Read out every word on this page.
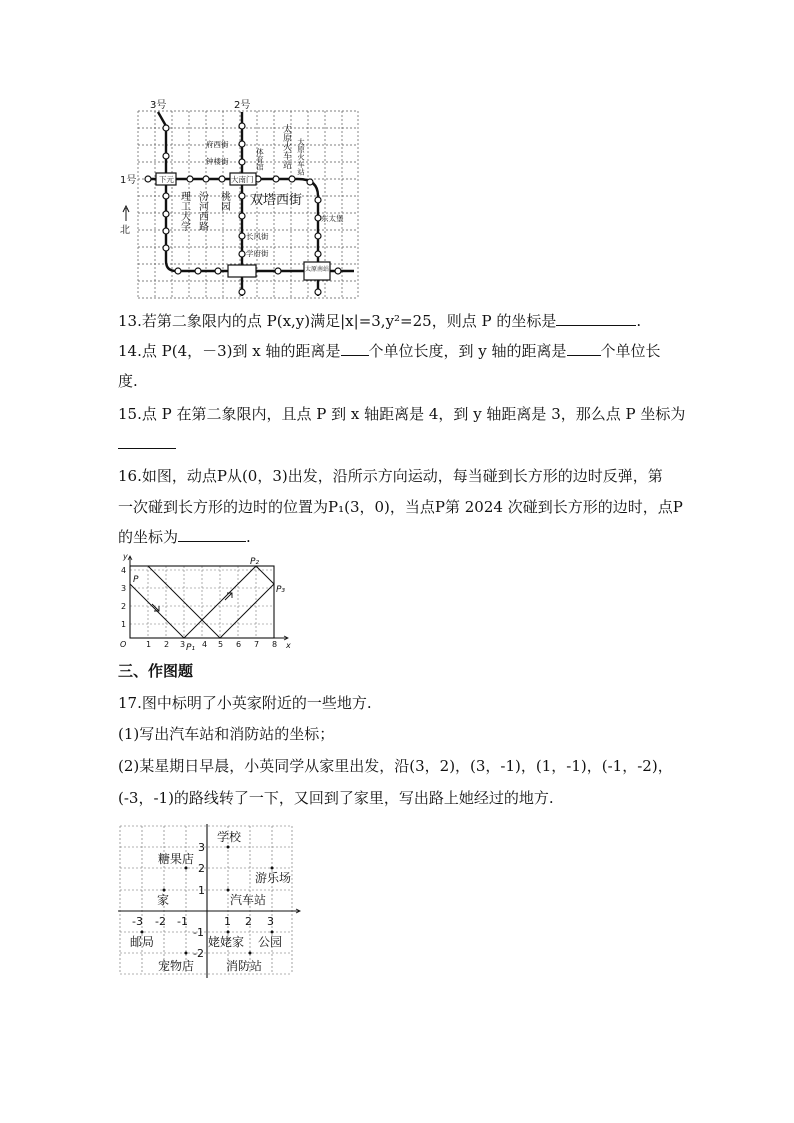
3号	2号
1号
北
府西街
钟楼街
下元	大南门
太原南站
东太堡
长风街
学府街
太原火车站 太原火车站
体育馆
理工大学 汾河西路 桃园 双塔西街
13.若第二象限内的点 P(x,y)满足|x|=3,y²=25，则点 P 的坐标是	.
14.点 P(4，－3)到 x 轴的距离是 个单位长度，到 y 轴的距离是 个单位长
度.
15.点 P 在第二象限内，且点 P 到 x 轴距离是 4，到 y 轴距离是 3，那么点 P 坐标为
16.如图，动点P从(0，3)出发，沿所示方向运动，每当碰到长方形的边时反弹，第
一次碰到长方形的边时的位置为P₁(3，0)，当点P第 2024 次碰到长方形的边时，点P
的坐标为	.
y
x
O 1 2 3 4 5 6 7 8
1
2
3
4
P
P₁
P₂
P₃
三、作图题
17.图中标明了小英家附近的一些地方.
(1)写出汽车站和消防站的坐标；
(2)某星期日早晨，小英同学从家里出发，沿(3，2)，(3，-1)，(1，-1)，(-1，-2)，
(-3，-1)的路线转了一下，又回到了家里，写出路上她经过的地方.
学校
糖果店
游乐场
家	汽车站
邮局	姥姥家 公园
宠物店	消防站
-3 -2 -1	1 2 3
3
2
1
-1
-2
